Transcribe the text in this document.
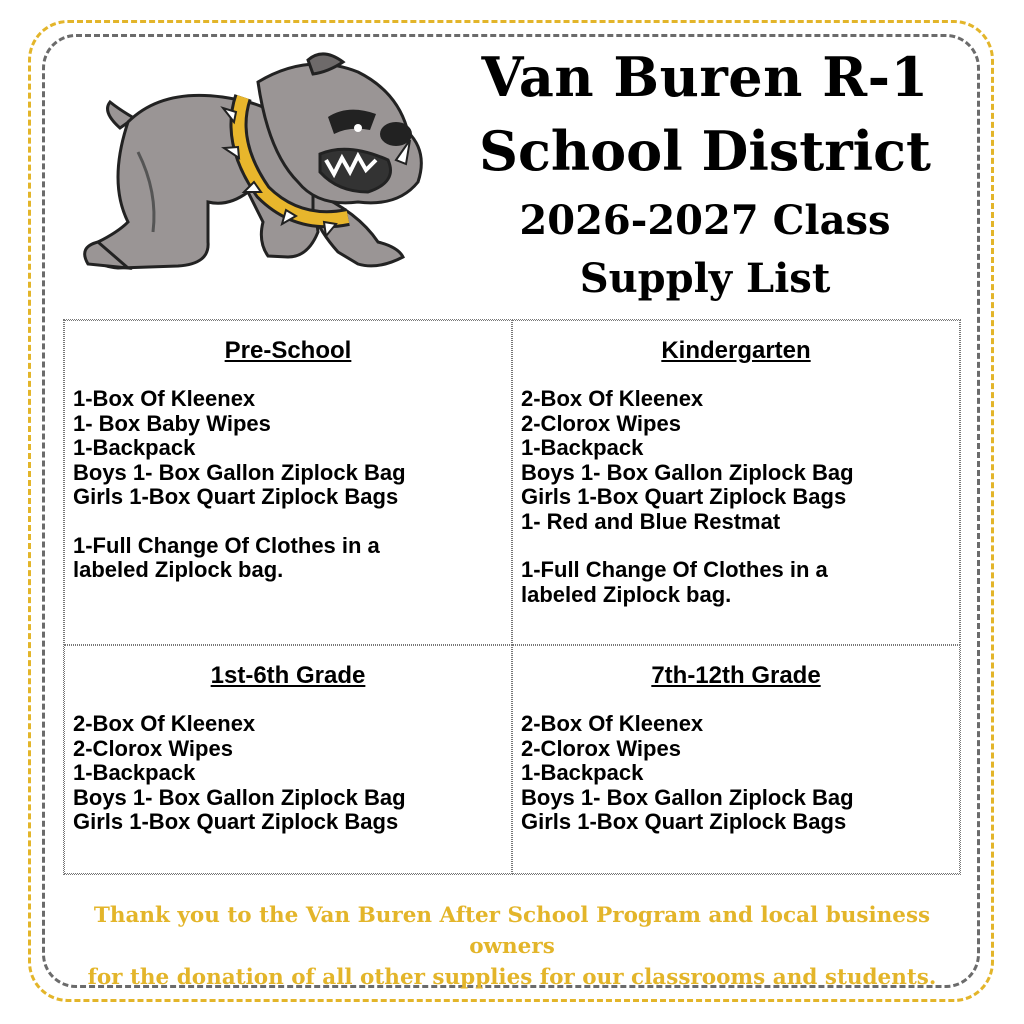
Van Buren R-1
School District
2026-2027 Class
Supply List
Pre-School
1-Box Of Kleenex
1- Box Baby Wipes
1-Backpack
Boys 1- Box Gallon Ziplock Bag
Girls 1-Box Quart Ziplock Bags
1-Full Change Of Clothes in a
labeled Ziplock bag.
Kindergarten
2-Box Of Kleenex
2-Clorox Wipes
1-Backpack
Boys 1- Box Gallon Ziplock Bag
Girls 1-Box Quart Ziplock Bags
1- Red and Blue Restmat
1-Full Change Of Clothes in a
labeled Ziplock bag.
1st-6th Grade
2-Box Of Kleenex
2-Clorox Wipes
1-Backpack
Boys 1- Box Gallon Ziplock Bag
Girls 1-Box Quart Ziplock Bags
7th-12th Grade
2-Box Of Kleenex
2-Clorox Wipes
1-Backpack
Boys 1- Box Gallon Ziplock Bag
Girls 1-Box Quart Ziplock Bags
Thank you to the Van Buren After School Program and local business owners
for the donation of all other supplies for our classrooms and students.
